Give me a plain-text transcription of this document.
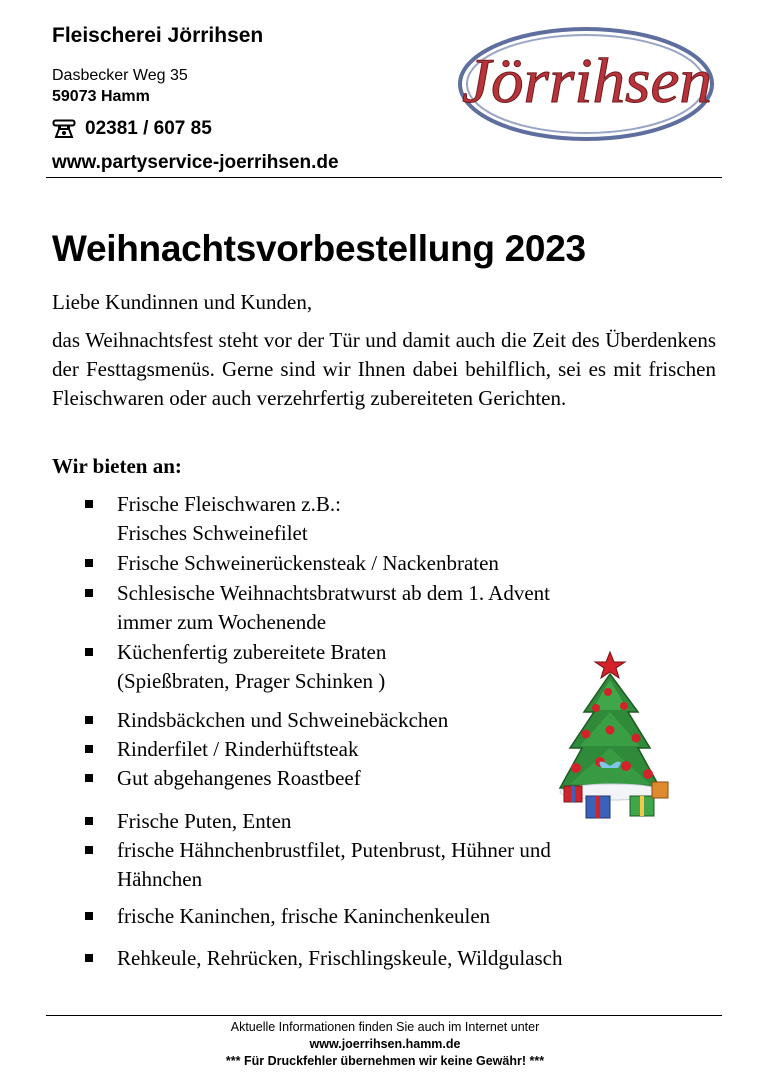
Fleischerei Jörrihsen
Dasbecker Weg 35
59073 Hamm
02381 / 607 85
www.partyservice-joerrihsen.de
Jörrihsen
Weihnachtsvorbestellung 2023
Liebe Kundinnen und Kunden,
das Weihnachtsfest steht vor der Tür und damit auch die Zeit des Überdenkens der Festtagsmenüs. Gerne sind wir Ihnen dabei behilflich, sei es mit frischen Fleischwaren oder auch verzehrfertig zubereiteten Gerichten.
Wir bieten an:
Frische Fleischwaren z.B.:
Frisches Schweinefilet
Frische Schweinerückensteak / Nackenbraten
Schlesische Weihnachtsbratwurst ab dem 1. Advent
immer zum Wochenende
Küchenfertig zubereitete Braten
(Spießbraten, Prager Schinken )
Rindsbäckchen und Schweinebäckchen
Rinderfilet / Rinderhüftsteak
Gut abgehangenes Roastbeef
Frische Puten, Enten
frische Hähnchenbrustfilet, Putenbrust, Hühner und
Hähnchen
frische Kaninchen, frische Kaninchenkeulen
Rehkeule, Rehrücken, Frischlingskeule, Wildgulasch
Aktuelle Informationen finden Sie auch im Internet unter
www.joerrihsen.hamm.de
*** Für Druckfehler übernehmen wir keine Gewähr! ***
